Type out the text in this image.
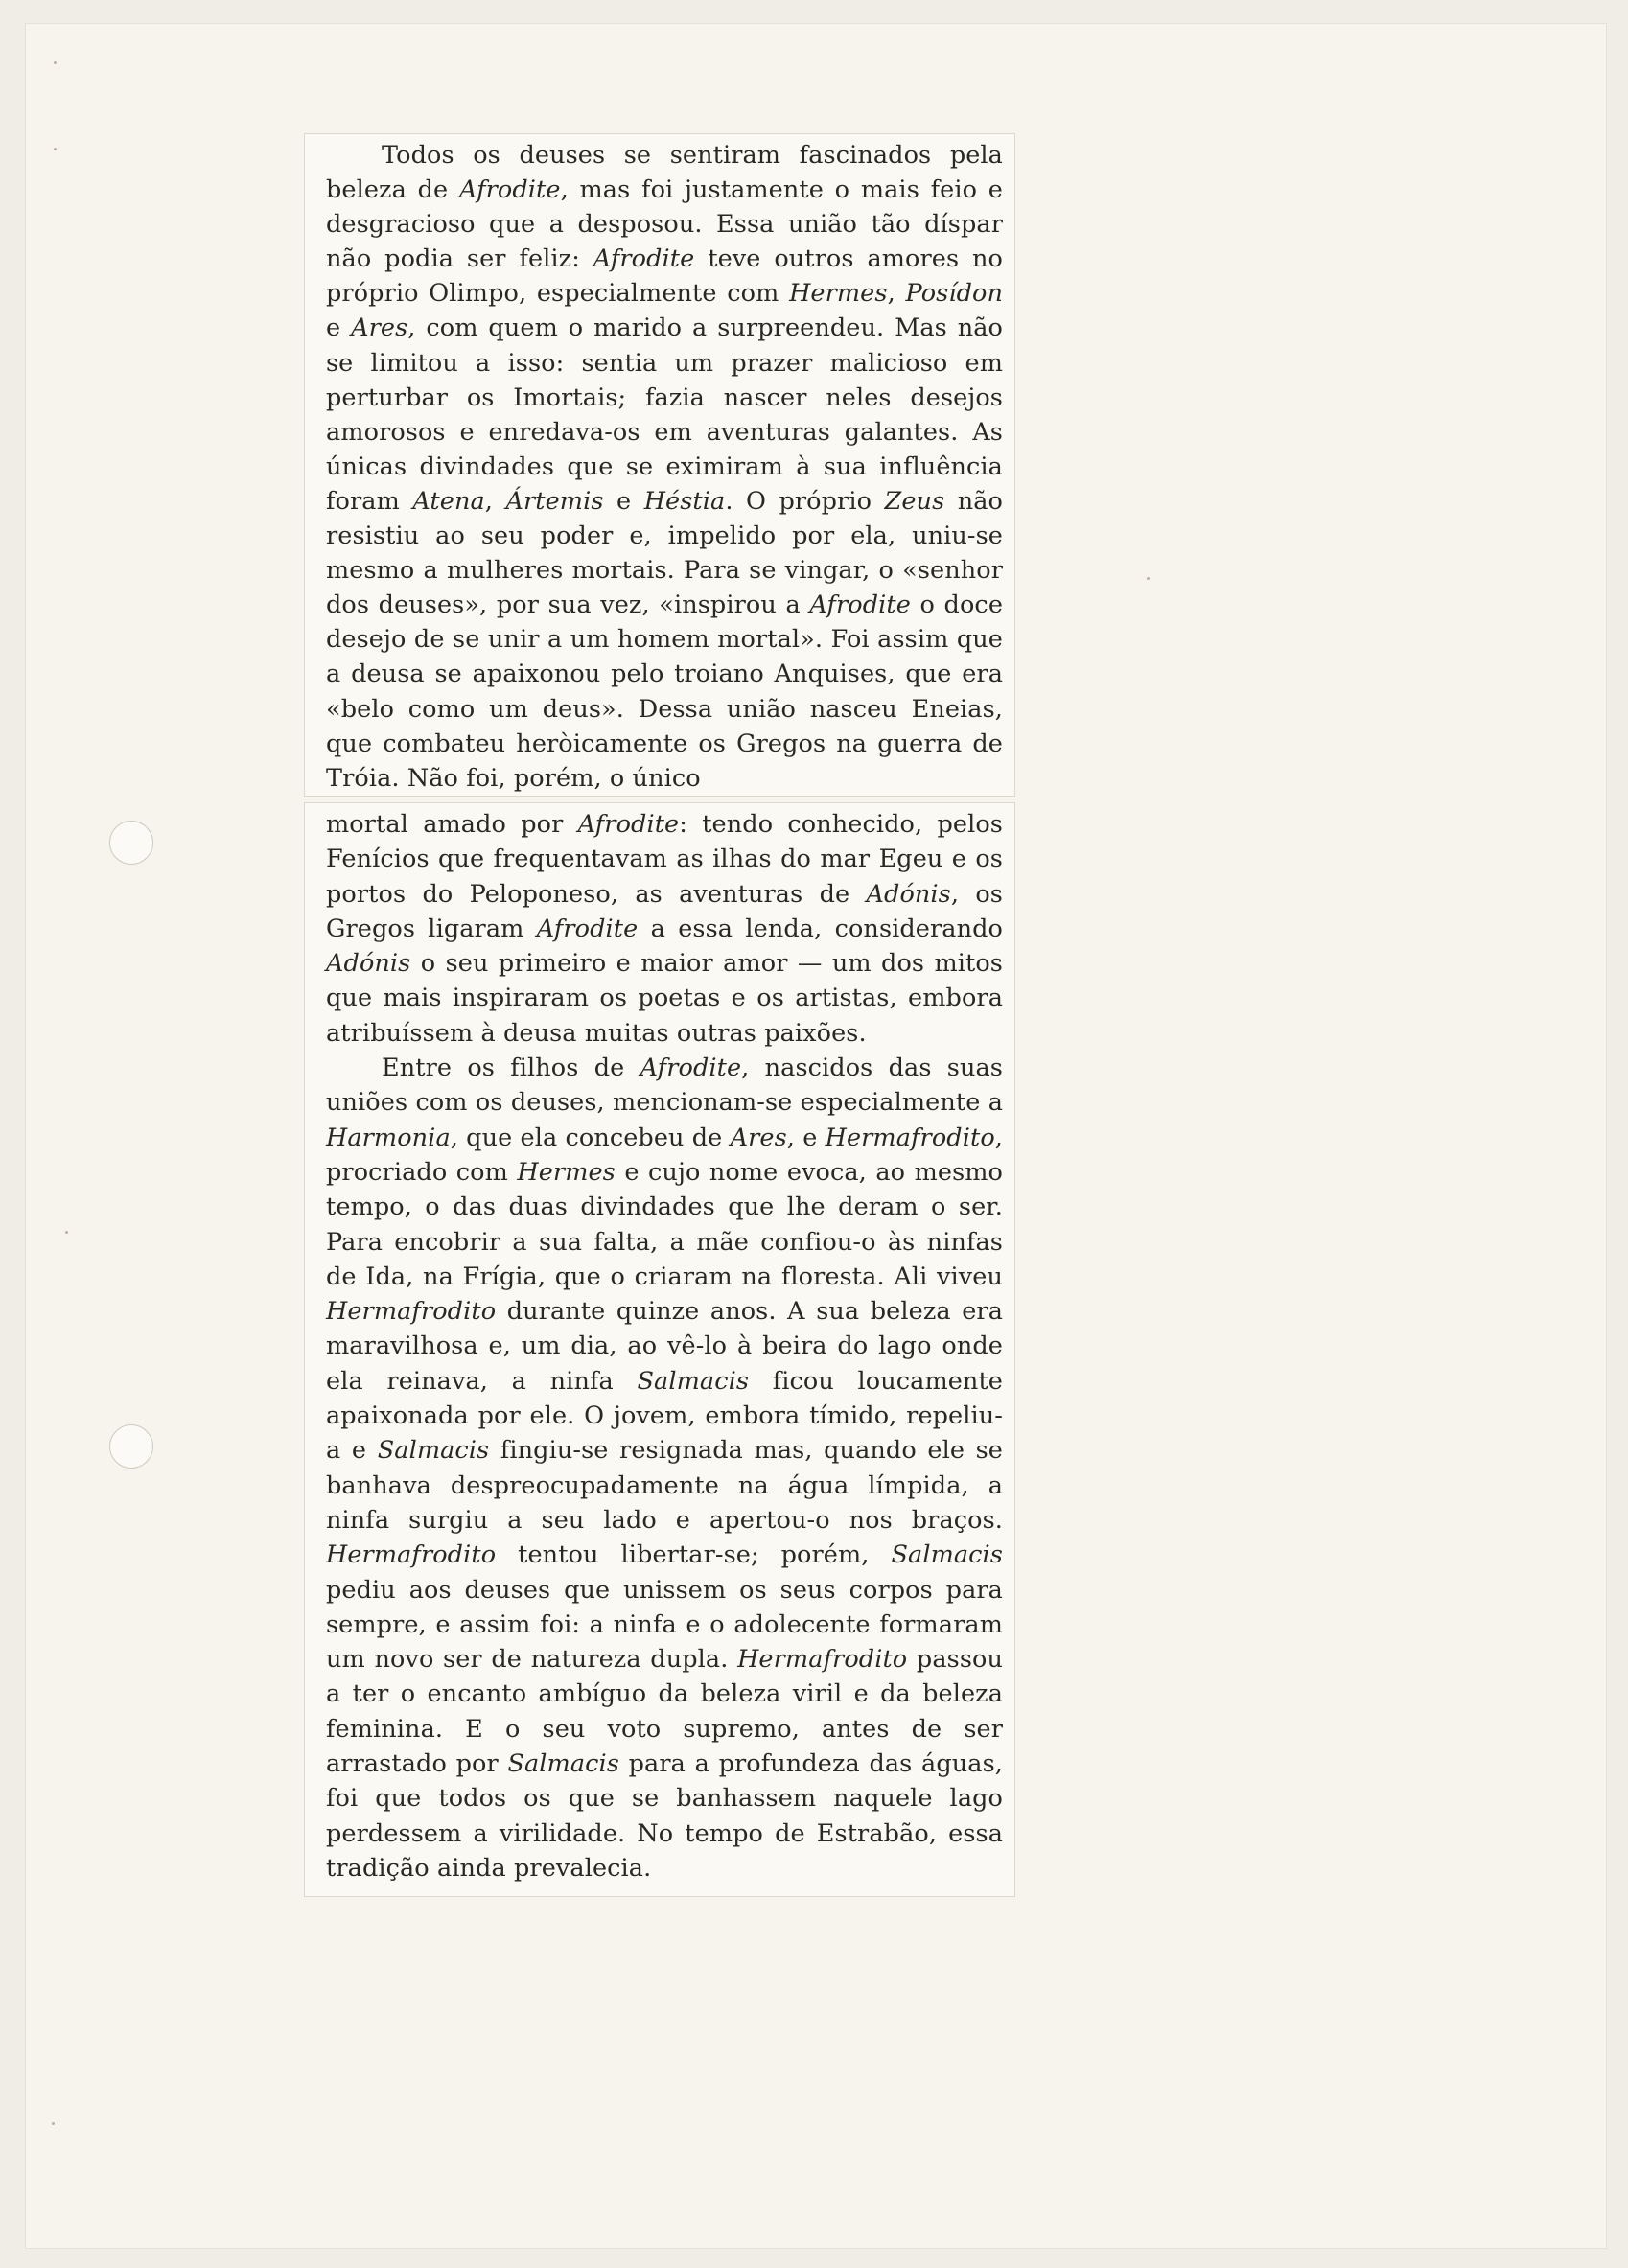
Todos os deuses se sentiram fascinados pela beleza de Afrodite, mas foi justamente o mais feio e desgracioso que a desposou. Essa união tão díspar não podia ser feliz: Afrodite teve outros amores no próprio Olimpo, especialmente com Hermes, Posídon e Ares, com quem o marido a surpreendeu. Mas não se limitou a isso: sentia um prazer malicioso em perturbar os Imortais; fazia nascer neles desejos amorosos e enredava-os em aventuras galantes. As únicas divindades que se eximiram à sua influência foram Atena, Ártemis e Héstia. O próprio Zeus não resistiu ao seu poder e, impelido por ela, uniu-se mesmo a mulheres mortais. Para se vingar, o «senhor dos deuses», por sua vez, «inspirou a Afrodite o doce desejo de se unir a um homem mortal». Foi assim que a deusa se apaixonou pelo troiano Anquises, que era «belo como um deus». Dessa união nasceu Eneias, que combateu heròicamente os Gregos na guerra de Tróia. Não foi, porém, o único

mortal amado por Afrodite: tendo conhecido, pelos Fenícios que frequentavam as ilhas do mar Egeu e os portos do Peloponeso, as aventuras de Adónis, os Gregos ligaram Afrodite a essa lenda, considerando Adónis o seu primeiro e maior amor — um dos mitos que mais inspiraram os poetas e os artistas, embora atribuíssem à deusa muitas outras paixões.

Entre os filhos de Afrodite, nascidos das suas uniões com os deuses, mencionam-se especialmente a Harmonia, que ela concebeu de Ares, e Hermafrodito, procriado com Hermes e cujo nome evoca, ao mesmo tempo, o das duas divindades que lhe deram o ser. Para encobrir a sua falta, a mãe confiou-o às ninfas de Ida, na Frígia, que o criaram na floresta. Ali viveu Hermafrodito durante quinze anos. A sua beleza era maravilhosa e, um dia, ao vê-lo à beira do lago onde ela reinava, a ninfa Salmacis ficou loucamente apaixonada por ele. O jovem, embora tímido, repeliu-a e Salmacis fingiu-se resignada mas, quando ele se banhava despreocupadamente na água límpida, a ninfa surgiu a seu lado e apertou-o nos braços. Hermafrodito tentou libertar-se; porém, Salmacis pediu aos deuses que unissem os seus corpos para sempre, e assim foi: a ninfa e o adolecente formaram um novo ser de natureza dupla. Hermafrodito passou a ter o encanto ambíguo da beleza viril e da beleza feminina. E o seu voto supremo, antes de ser arrastado por Salmacis para a profundeza das águas, foi que todos os que se banhassem naquele lago perdessem a virilidade. No tempo de Estrabão, essa tradição ainda prevalecia.
